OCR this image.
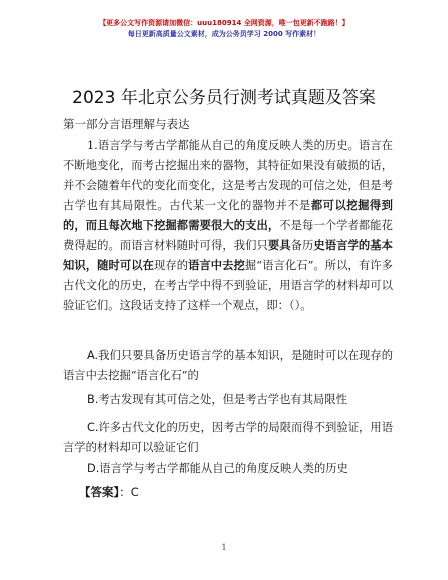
【更多公文写作资源请加微信：uuu180914 全网资源，唯一包更新不跑路！】
每日更新高质量公文素材，成为公务员学习 2000 写作素材！
2023 年北京公务员行测考试真题及答案
第一部分言语理解与表达

1.语言学与考古学都能从自己的角度反映人类的历史。语言在不断地变化，而考古挖掘出来的器物，其特征如果没有破损的话，并不会随着年代的变化而变化，这是考古发现的可信之处，但是考古学也有其局限性。古代某一文化的器物并不是都可以挖掘得到的，而且每次地下挖掘都需要很大的支出，不是每一个学者都能花费得起的。而语言材料随时可得，我们只要具备历史语言学的基本知识，随时可以在现存的语言中去挖掘“语言化石”。所以，有许多古代文化的历史，在考古学中得不到验证，用语言学的材料却可以验证它们。这段话支持了这样一个观点，即：（）。

A.我们只要具备历史语言学的基本知识，是随时可以在现存的语言中去挖掘“语言化石”的

B.考古发现有其可信之处，但是考古学也有其局限性

C.许多古代文化的历史，因考古学的局限而得不到验证，用语言学的材料却可以验证它们

D.语言学与考古学都能从自己的角度反映人类的历史

【答案】：C
1
